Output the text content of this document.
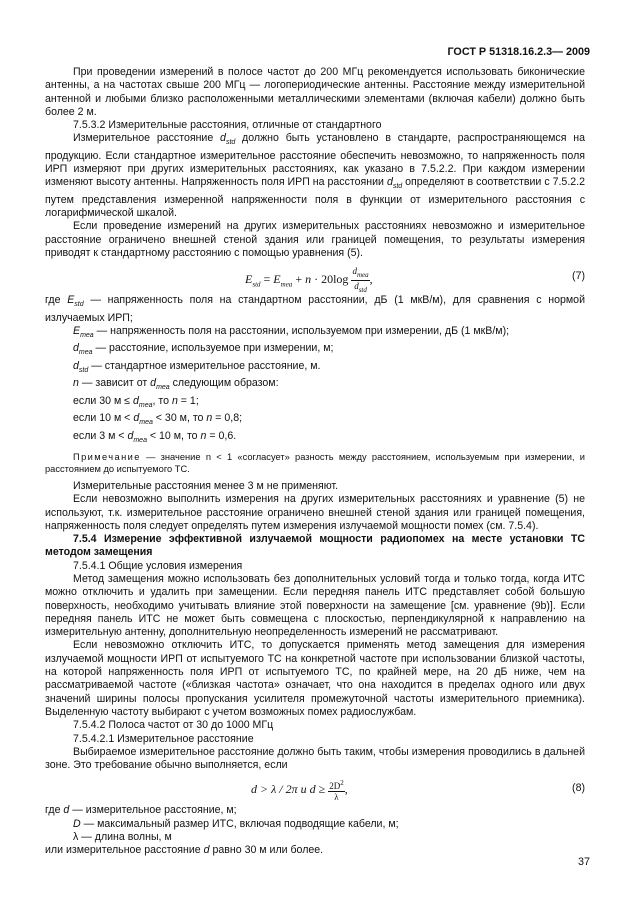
ГОСТ Р 51318.16.2.3— 2009

При проведении измерений в полосе частот до 200 МГц рекомендуется использовать биконические антенны, а на частотах свыше 200 МГц — логопериодические антенны. Расстояние между измерительной антенной и любыми близко расположенными металлическими элементами (включая кабели) должно быть более 2 м.

7.5.3.2 Измерительные расстояния, отличные от стандартного

Измерительное расстояние $d_{std}$ должно быть установлено в стандарте, распространяющемся на продукцию. Если стандартное измерительное расстояние обеспечить невозможно, то напряженность поля ИРП измеряют при других измерительных расстояниях, как указано в 7.5.2.2. При каждом измерении изменяют высоту антенны. Напряженность поля ИРП на расстоянии $d_{std}$ определяют в соответствии с 7.5.2.2 путем представления измеренной напряженности поля в функции от измерительного расстояния с логарифмической шкалой.

Если проведение измерений на других измерительных расстояниях невозможно и измерительное расстояние ограничено внешней стеной здания или границей помещения, то результаты измерения приводят к стандартному расстоянию с помощью уравнения (5).

$E_{std} = E_{mea} + n \cdot 20\log \frac{d_{mea}}{d_{std}}$ ,	(7)

где $E_{std}$ — напряженность поля на стандартном расстоянии, дБ (1 мкВ/м), для сравнения с нормой излучаемых ИРП;

$E_{mea}$ — напряженность поля на расстоянии, используемом при измерении, дБ (1 мкВ/м);

$d_{mea}$ — расстояние, используемое при измерении, м;

$d_{std}$ — стандартное измерительное расстояние, м.

n — зависит от $d_{mea}$ следующим образом:

если 30 $м \le d_{mea}$, то n = 1;

если 10 $м < d_{mea} < 30$ м, то n = 0,8;

если 3 $м < d_{mea} < 10$ м, то n = 0,6.

Примечание — значение n < 1 «согласует» разность между расстоянием, используемым при измерении, и расстоянием до испытуемого ТС.

Измерительные расстояния менее 3 м не применяют.

Если невозможно выполнить измерения на других измерительных расстояниях и уравнение (5) не используют, т.к. измерительное расстояние ограничено внешней стеной здания или границей помещения, напряженность поля следует определять путем измерения излучаемой мощности помех (см. 7.5.4).

7.5.4 Измерение эффективной излучаемой мощности радиопомех на месте установки ТС методом замещения

7.5.4.1 Общие условия измерения

Метод замещения можно использовать без дополнительных условий тогда и только тогда, когда ИТС можно отключить и удалить при замещении. Если передняя панель ИТС представляет собой большую поверхность, необходимо учитывать влияние этой поверхности на замещение [см. уравнение (9b)]. Если передняя панель ИТС не может быть совмещена с плоскостью, перпендикулярной к направлению на измерительную антенну, дополнительную неопределенность измерений не рассматривают.

Если невозможно отключить ИТС, то допускается применять метод замещения для измерения излучаемой мощности ИРП от испытуемого ТС на конкретной частоте при использовании близкой частоты, на которой напряженность поля ИРП от испытуемого ТС, по крайней мере, на 20 дБ ниже, чем на рассматриваемой частоте («близкая частота» означает, что она находится в пределах одного или двух значений ширины полосы пропускания усилителя промежуточной частоты измерительного приемника). Выделенную частоту выбирают с учетом возможных помех радиослужбам.

7.5.4.2 Полоса частот от 30 до 1000 МГц

7.5.4.2.1 Измерительное расстояние

Выбираемое измерительное расстояние должно быть таким, чтобы измерения проводились в дальней зоне. Это требование обычно выполняется, если

d > λ / 2π и $d \ge \frac{2D^2}{\lambda}$ ,	(8)

где d — измерительное расстояние, м;

D — максимальный размер ИТС, включая подводящие кабели, м;

λ — длина волны, м

или измерительное расстояние d равно 30 м или более.

37
